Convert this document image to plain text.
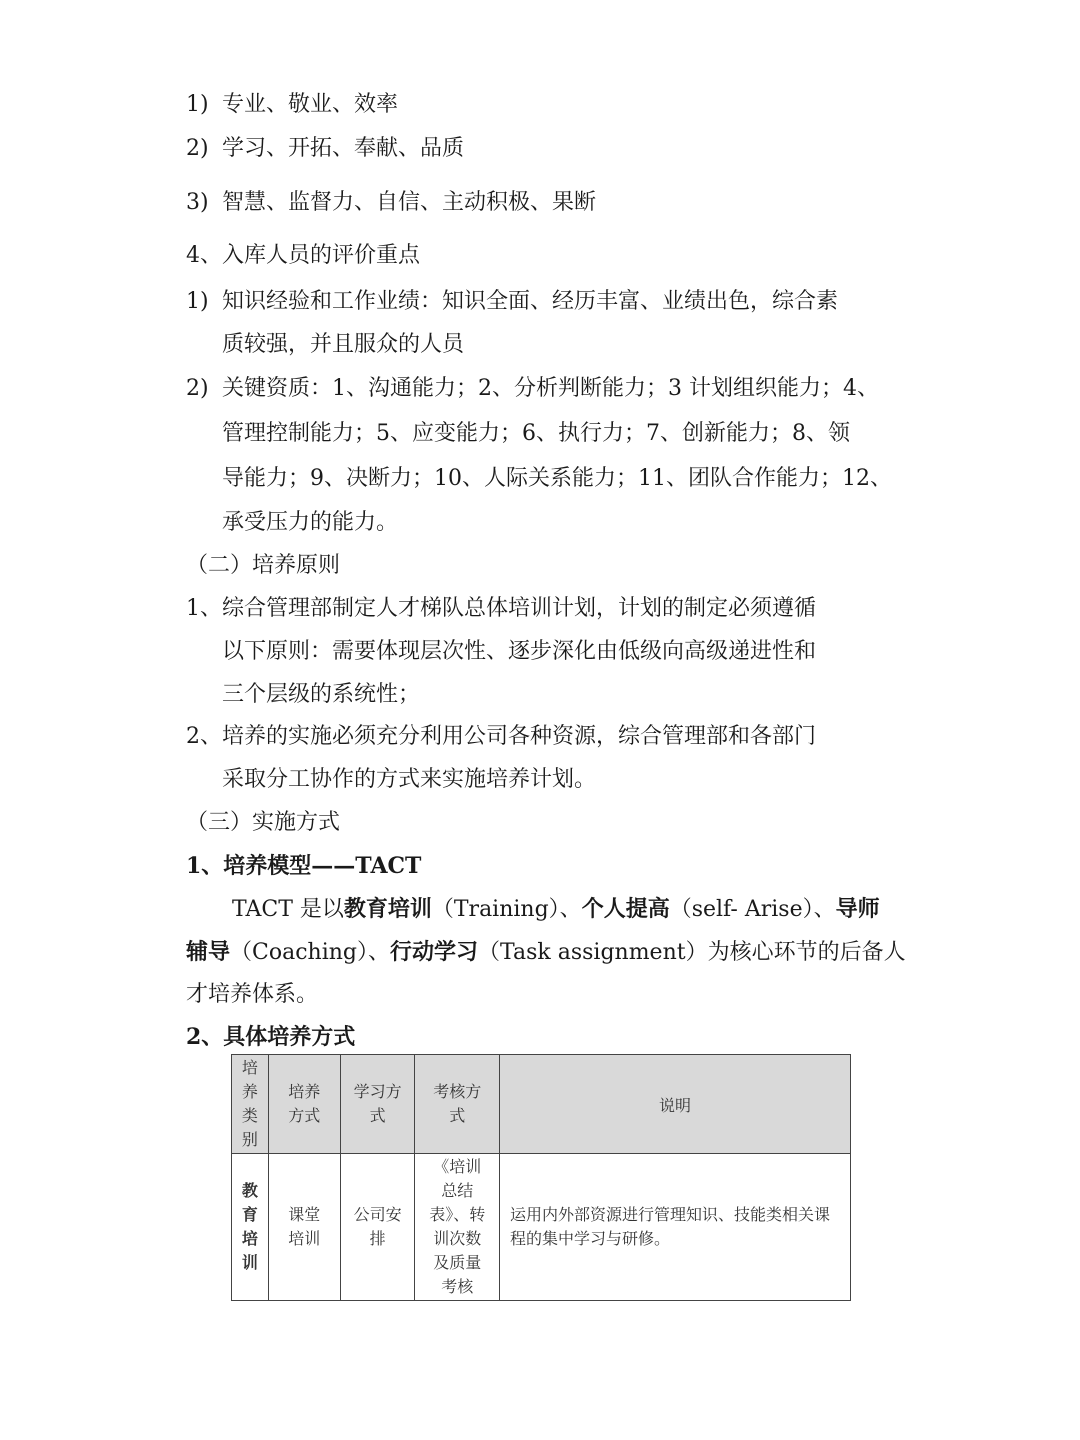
1) 专业、敬业、效率

2) 学习、开拓、奉献、品质

3) 智慧、监督力、自信、主动积极、果断

4、入库人员的评价重点

1) 知识经验和工作业绩：知识全面、经历丰富、业绩出色，综合素

质较强，并且服众的人员

2) 关键资质：1、沟通能力；2、分析判断能力；3 计划组织能力；4、

管理控制能力；5、应变能力；6、执行力；7、创新能力；8、领

导能力；9、决断力；10、人际关系能力；11、团队合作能力；12、

承受压力的能力。

（二）培养原则

1、综合管理部制定人才梯队总体培训计划，计划的制定必须遵循

以下原则：需要体现层次性、逐步深化由低级向高级递进性和

三个层级的系统性；

2、培养的实施必须充分利用公司各种资源，综合管理部和各部门

采取分工协作的方式来实施培养计划。

（三）实施方式

1、培养模型——TACT

TACT 是以教育培训（Training）、个人提高（self- Arise）、导师

辅导（Coaching）、行动学习（Task assignment）为核心环节的后备人

才培养体系。

2、具体培养方式

培养类别	培养方式	学习方式	考核方式	说明

教育培训	课堂培训	公司安排	《培训总结表》、转训次数及质量考核	运用内外部资源进行管理知识、技能类相关课程的集中学习与研修。
